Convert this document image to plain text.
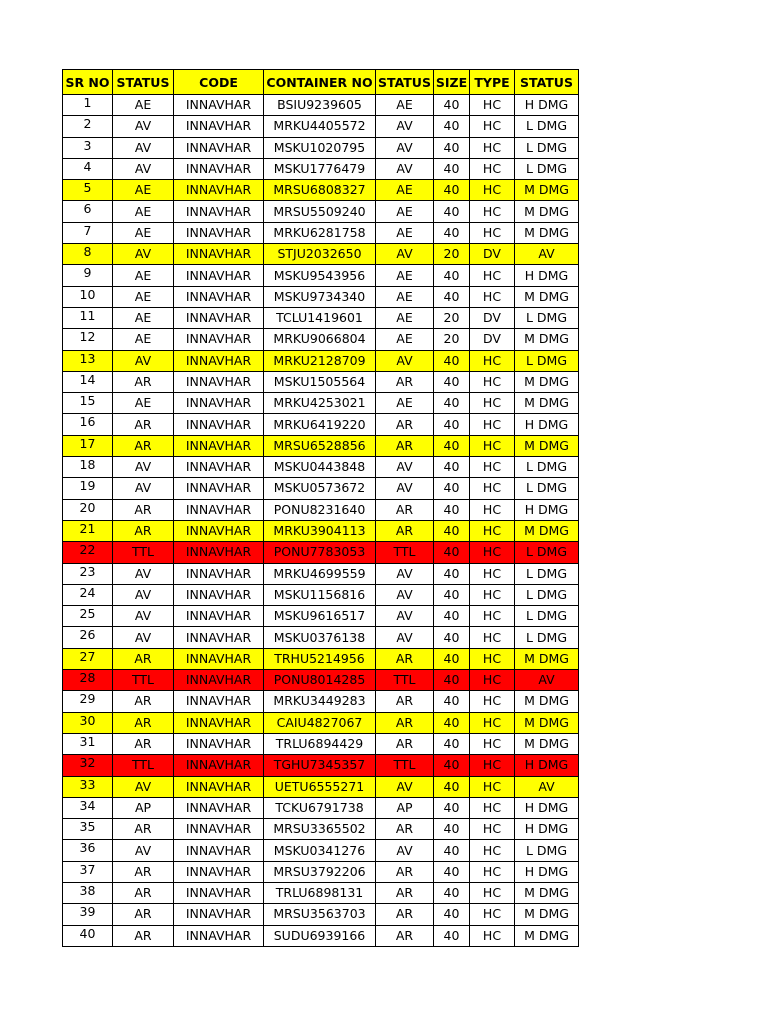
SR NO	STATUS	CODE	CONTAINER NO	STATUS	SIZE	TYPE	STATUS
1	AE	INNAVHAR	BSIU9239605	AE	40	HC	H DMG
2	AV	INNAVHAR	MRKU4405572	AV	40	HC	L DMG
3	AV	INNAVHAR	MSKU1020795	AV	40	HC	L DMG
4	AV	INNAVHAR	MSKU1776479	AV	40	HC	L DMG
5	AE	INNAVHAR	MRSU6808327	AE	40	HC	M DMG
6	AE	INNAVHAR	MRSU5509240	AE	40	HC	M DMG
7	AE	INNAVHAR	MRKU6281758	AE	40	HC	M DMG
8	AV	INNAVHAR	STJU2032650	AV	20	DV	AV
9	AE	INNAVHAR	MSKU9543956	AE	40	HC	H DMG
10	AE	INNAVHAR	MSKU9734340	AE	40	HC	M DMG
11	AE	INNAVHAR	TCLU1419601	AE	20	DV	L DMG
12	AE	INNAVHAR	MRKU9066804	AE	20	DV	M DMG
13	AV	INNAVHAR	MRKU2128709	AV	40	HC	L DMG
14	AR	INNAVHAR	MSKU1505564	AR	40	HC	M DMG
15	AE	INNAVHAR	MRKU4253021	AE	40	HC	M DMG
16	AR	INNAVHAR	MRKU6419220	AR	40	HC	H DMG
17	AR	INNAVHAR	MRSU6528856	AR	40	HC	M DMG
18	AV	INNAVHAR	MSKU0443848	AV	40	HC	L DMG
19	AV	INNAVHAR	MSKU0573672	AV	40	HC	L DMG
20	AR	INNAVHAR	PONU8231640	AR	40	HC	H DMG
21	AR	INNAVHAR	MRKU3904113	AR	40	HC	M DMG
22	TTL	INNAVHAR	PONU7783053	TTL	40	HC	L DMG
23	AV	INNAVHAR	MRKU4699559	AV	40	HC	L DMG
24	AV	INNAVHAR	MSKU1156816	AV	40	HC	L DMG
25	AV	INNAVHAR	MSKU9616517	AV	40	HC	L DMG
26	AV	INNAVHAR	MSKU0376138	AV	40	HC	L DMG
27	AR	INNAVHAR	TRHU5214956	AR	40	HC	M DMG
28	TTL	INNAVHAR	PONU8014285	TTL	40	HC	AV
29	AR	INNAVHAR	MRKU3449283	AR	40	HC	M DMG
30	AR	INNAVHAR	CAIU4827067	AR	40	HC	M DMG
31	AR	INNAVHAR	TRLU6894429	AR	40	HC	M DMG
32	TTL	INNAVHAR	TGHU7345357	TTL	40	HC	H DMG
33	AV	INNAVHAR	UETU6555271	AV	40	HC	AV
34	AP	INNAVHAR	TCKU6791738	AP	40	HC	H DMG
35	AR	INNAVHAR	MRSU3365502	AR	40	HC	H DMG
36	AV	INNAVHAR	MSKU0341276	AV	40	HC	L DMG
37	AR	INNAVHAR	MRSU3792206	AR	40	HC	H DMG
38	AR	INNAVHAR	TRLU6898131	AR	40	HC	M DMG
39	AR	INNAVHAR	MRSU3563703	AR	40	HC	M DMG
40	AR	INNAVHAR	SUDU6939166	AR	40	HC	M DMG
